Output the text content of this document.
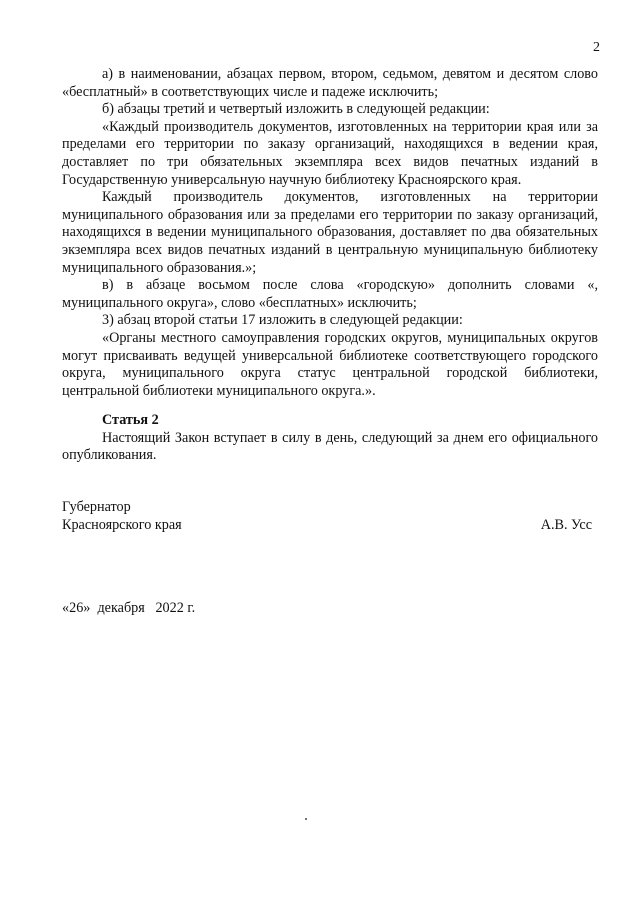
2

а) в наименовании, абзацах первом, втором, седьмом, девятом и десятом слово «бесплатный» в соответствующих числе и падеже исключить;

б) абзацы третий и четвертый изложить в следующей редакции:

«Каждый производитель документов, изготовленных на территории края или за пределами его территории по заказу организаций, находящихся в ведении края, доставляет по три обязательных экземпляра всех видов печатных изданий в Государственную универсальную научную библиотеку Красноярского края.

Каждый производитель документов, изготовленных на территории муниципального образования или за пределами его территории по заказу организаций, находящихся в ведении муниципального образования, доставляет по два обязательных экземпляра всех видов печатных изданий в центральную муниципальную библиотеку муниципального образования.»;

в) в абзаце восьмом после слова «городскую» дополнить словами «, муниципального округа», слово «бесплатных» исключить;

3) абзац второй статьи 17 изложить в следующей редакции:

«Органы местного самоуправления городских округов, муниципальных округов могут присваивать ведущей универсальной библиотеке соответствующего городского округа, муниципального округа статус центральной городской библиотеки, центральной библиотеки муниципального округа.».

Статья 2

Настоящий Закон вступает в силу в день, следующий за днем его официального опубликования.

Губернатор
Красноярского края	А.В. Усс
«26»  декабря   2022 г.
